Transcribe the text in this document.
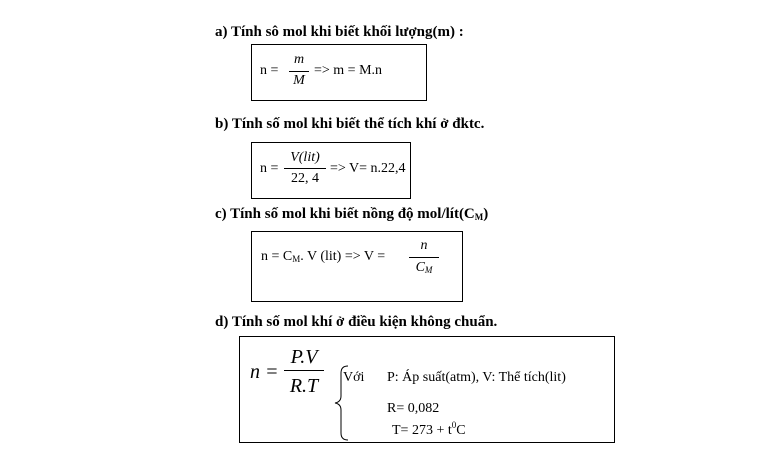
a) Tính sô mol khi biết khối lượng(m) :
n =
m
M
=> m = M.n
b) Tính số mol khi biết thể tích khí ở đktc.
n =
V(lit)
22, 4
=> V= n.22,4
c) Tính số mol khi biết nồng độ mol/$lít(C_M)$
$n = C_M$. V (lit) => V =
n
$C_M$
d) Tính số mol khí ở điều kiện không chuẩn.
n =
P.V
R.T	Với P: Áp suất(atm), V: Thể tích(lit)
R= 0,082
$T= 273 + t^0C$
